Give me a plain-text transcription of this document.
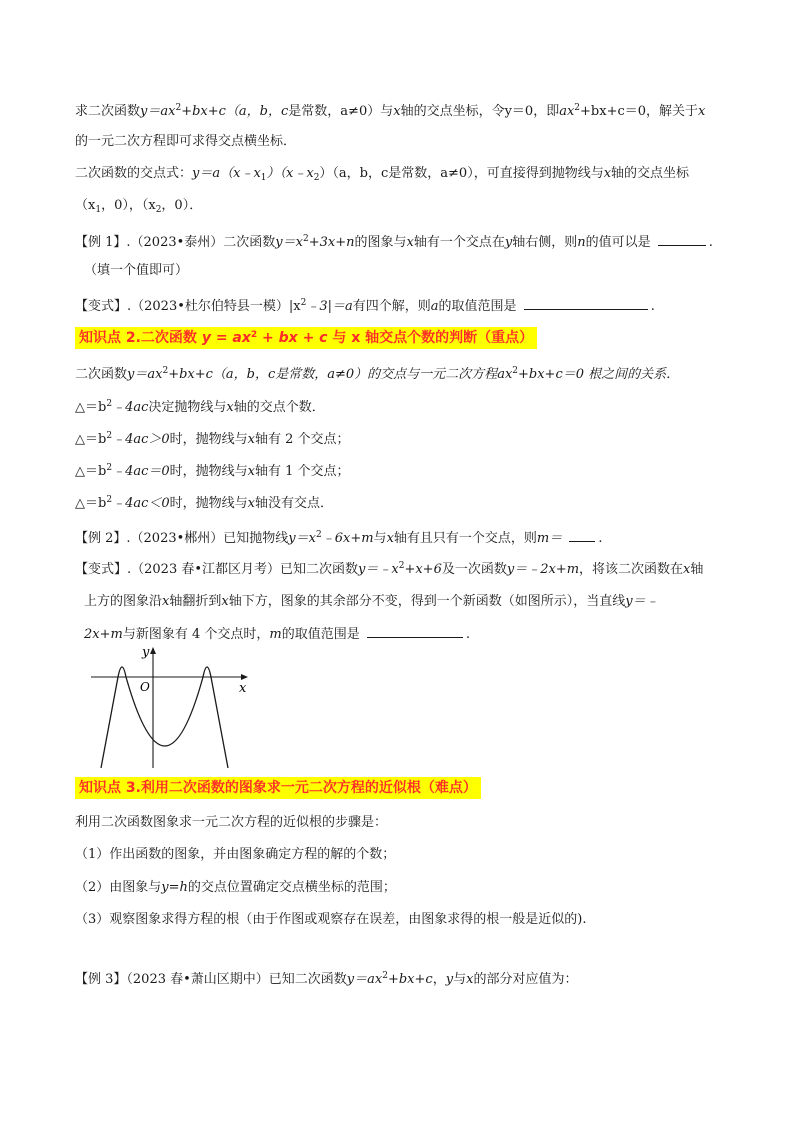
求二次函数$y=ax^2+bx+c(a$，b，c是常数，a≠0）与x轴的交点坐标，令y＝0，即$ax^2+bx+c=0$，解关于x
的一元二次方程即可求得交点横坐标．
二次函数的交点式：$y=a(x﹣x_1)(x﹣x_2)(a$，b，c是常数，a≠0），可直接得到抛物线与x轴的交点坐标
（$x_1$，0），（$x_2$，0）．
【例 1】.（2023•泰州）二次函数$y=x^2+3x+n$的图象与x轴有一个交点在y轴右侧，则n的值可以是	.
（填一个值即可）
【变式】.（2023•杜尔伯特县一模）$|x^2﹣3|=a$有四个解，则a的取值范围是	.
知识点 2.二次函数 $y = ax^2$ + bx + c 与 x 轴交点个数的判断（重点）
二次函数$y=ax^2+bx+c(a$，b，c是常数，a≠0）的交点与一元二次方程$ax^2+bx+c=0$ 根之间的关系．
$\triangle=b^2﹣4ac$决定抛物线与x轴的交点个数．
$\triangle=b^2﹣4ac>0$时，抛物线与x轴有 2 个交点；
$\triangle=b^2﹣4ac=0$时，抛物线与x轴有 1 个交点；
$\triangle=b^2﹣4ac<0$时，抛物线与x轴没有交点．
【例 2】.（2023•郴州）已知抛物线$y=x^2﹣6x+m$与x轴有且只有一个交点，则m＝	.
【变式】.（2023 春•江都区月考）已知二次函数$y=﹣x^2+x+6$及一次函数y＝﹣2x+m，将该二次函数在x轴
上方的图象沿x轴翻折到x轴下方，图象的其余部分不变，得到一个新函数（如图所示），当直线y＝﹣
2x+m与新图象有 4 个交点时，m的取值范围是	.
y
x
O
知识点 3.利用二次函数的图象求一元二次方程的近似根（难点）
利用二次函数图象求一元二次方程的近似根的步骤是：
（1）作出函数的图象，并由图象确定方程的解的个数；
（2）由图象与y=h的交点位置确定交点横坐标的范围；
（3）观察图象求得方程的根（由于作图或观察存在误差，由图象求得的根一般是近似的).
【例 3】（2023 春•萧山区期中）已知二次函数$y=ax^2+bx+c$，y与x的部分对应值为：
